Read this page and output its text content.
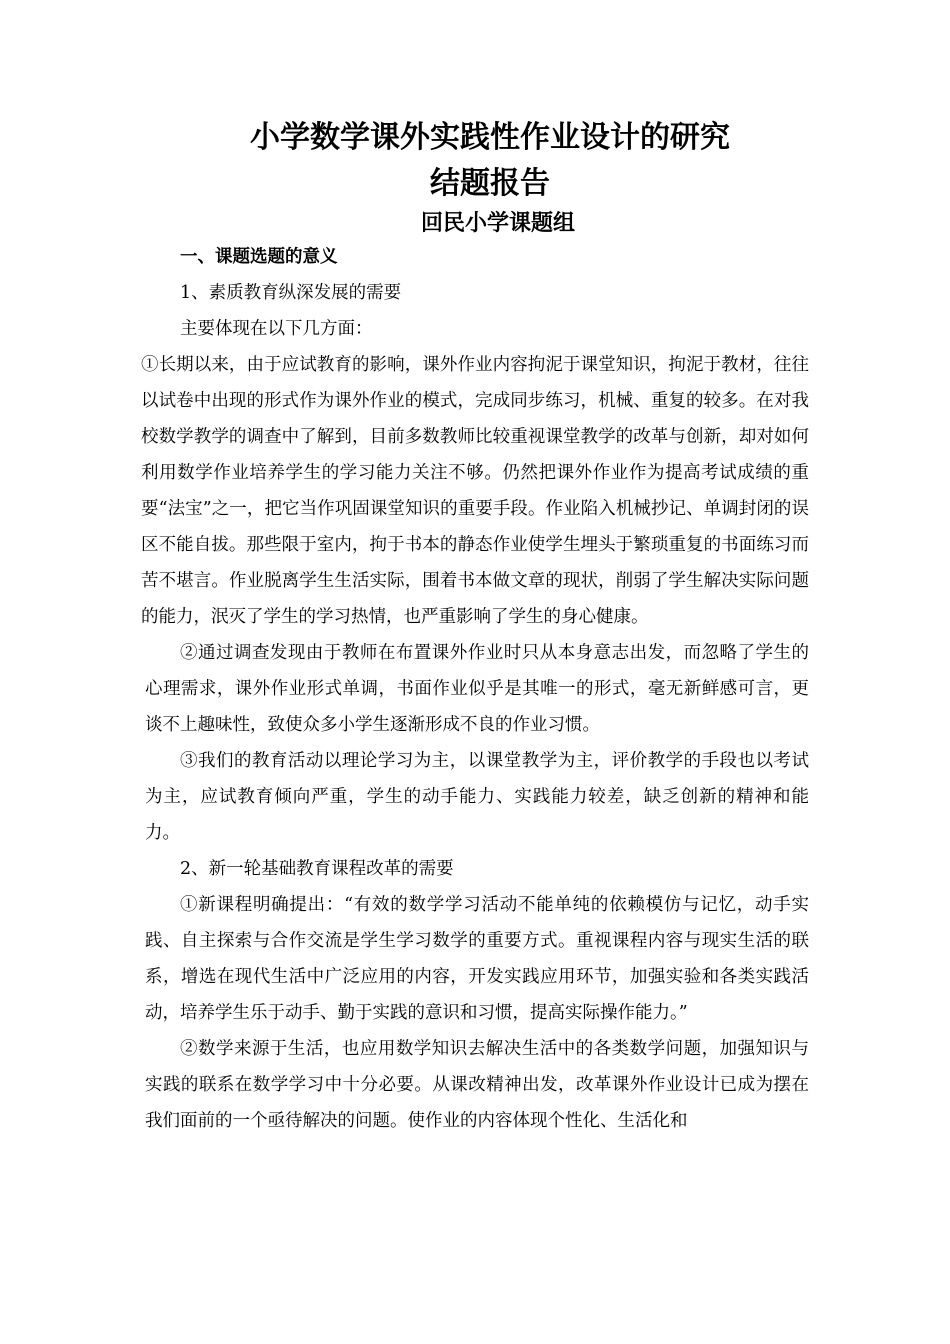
小学数学课外实践性作业设计的研究
结题报告
回民小学课题组

一、课题选题的意义

1、素质教育纵深发展的需要

主要体现在以下几方面：

①长期以来，由于应试教育的影响，课外作业内容拘泥于课堂知识，拘泥于教材，往往以试卷中出现的形式作为课外作业的模式，完成同步练习，机械、重复的较多。在对我校数学教学的调查中了解到，目前多数教师比较重视课堂教学的改革与创新，却对如何利用数学作业培养学生的学习能力关注不够。仍然把课外作业作为提高考试成绩的重要“法宝”之一，把它当作巩固课堂知识的重要手段。作业陷入机械抄记、单调封闭的误区不能自拔。那些限于室内，拘于书本的静态作业使学生埋头于繁琐重复的书面练习而苦不堪言。作业脱离学生生活实际，围着书本做文章的现状，削弱了学生解决实际问题的能力，泯灭了学生的学习热情，也严重影响了学生的身心健康。

②通过调查发现由于教师在布置课外作业时只从本身意志出发，而忽略了学生的心理需求，课外作业形式单调，书面作业似乎是其唯一的形式，毫无新鲜感可言，更谈不上趣味性，致使众多小学生逐渐形成不良的作业习惯。

③我们的教育活动以理论学习为主，以课堂教学为主，评价教学的手段也以考试为主，应试教育倾向严重，学生的动手能力、实践能力较差，缺乏创新的精神和能力。

2、新一轮基础教育课程改革的需要

①新课程明确提出：“有效的数学学习活动不能单纯的依赖模仿与记忆，动手实践、自主探索与合作交流是学生学习数学的重要方式。重视课程内容与现实生活的联系，增选在现代生活中广泛应用的内容，开发实践应用环节，加强实验和各类实践活动，培养学生乐于动手、勤于实践的意识和习惯，提高实际操作能力。”

②数学来源于生活，也应用数学知识去解决生活中的各类数学问题，加强知识与实践的联系在数学学习中十分必要。从课改精神出发，改革课外作业设计已成为摆在我们面前的一个亟待解决的问题。使作业的内容体现个性化、生活化和
